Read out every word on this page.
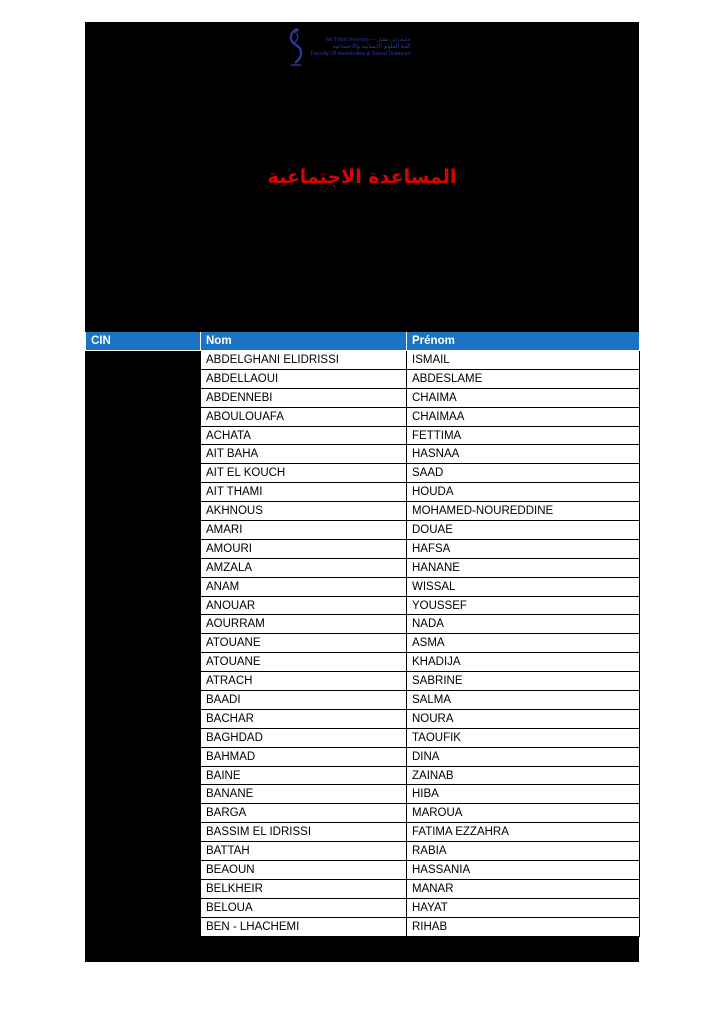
Ibn Tofail University — جامعة ابن طفيل
كلية العلوم الإنسانية والاجتماعية
Faculty Of Humanities & Social Sciences
المساعدة الاجتماعية
CIN	Nom	Prénom
	ABDELGHANI ELIDRISSI	ISMAIL
	ABDELLAOUI	ABDESLAME
	ABDENNEBI	CHAIMA
	ABOULOUAFA	CHAIMAA
	ACHATA	FETTIMA
	AIT BAHA	HASNAA
	AIT EL KOUCH	SAAD
	AIT THAMI	HOUDA
	AKHNOUS	MOHAMED-NOUREDDINE
	AMARI	DOUAE
	AMOURI	HAFSA
	AMZALA	HANANE
	ANAM	WISSAL
	ANOUAR	YOUSSEF
	AOURRAM	NADA
	ATOUANE	ASMA
	ATOUANE	KHADIJA
	ATRACH	SABRINE
	BAADI	SALMA
	BACHAR	NOURA
	BAGHDAD	TAOUFIK
	BAHMAD	DINA
	BAINE	ZAINAB
	BANANE	HIBA
	BARGA	MAROUA
	BASSIM EL IDRISSI	FATIMA EZZAHRA
	BATTAH	RABIA
	BEAOUN	HASSANIA
	BELKHEIR	MANAR
	BELOUA	HAYAT
	BEN - LHACHEMI	RIHAB
